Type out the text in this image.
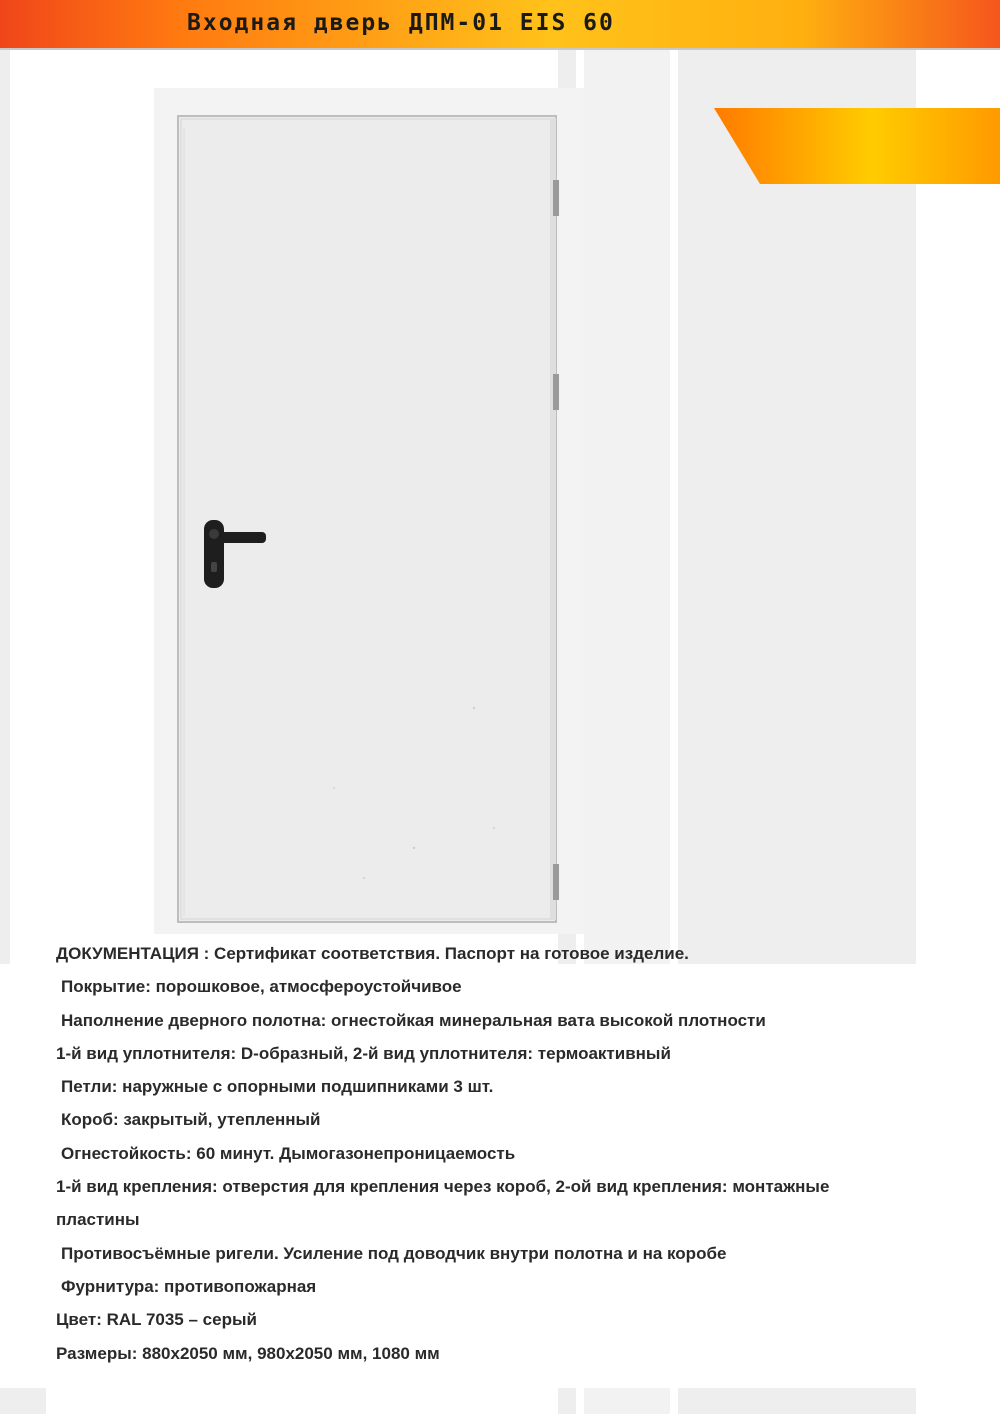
Входная дверь ДПМ-01 EIS 60
ДОКУМЕНТАЦИЯ : Сертификат соответствия. Паспорт на готовое изделие.
Покрытие: порошковое, атмосфероустойчивое
Наполнение дверного полотна: огнестойкая минеральная вата высокой плотности
1-й вид уплотнителя: D-образный, 2-й вид уплотнителя: термоактивный
Петли: наружные с опорными подшипниками 3 шт.
Короб: закрытый, утепленный
Огнестойкость: 60 минут. Дымогазонепроницаемость
1-й вид крепления: отверстия для крепления через короб, 2-ой вид крепления: монтажные
пластины
Противосъёмные ригели. Усиление под доводчик внутри полотна и на коробе
Фурнитура: противопожарная
Цвет: RAL 7035 – серый
Размеры: 880х2050 мм, 980х2050 мм, 1080 мм
